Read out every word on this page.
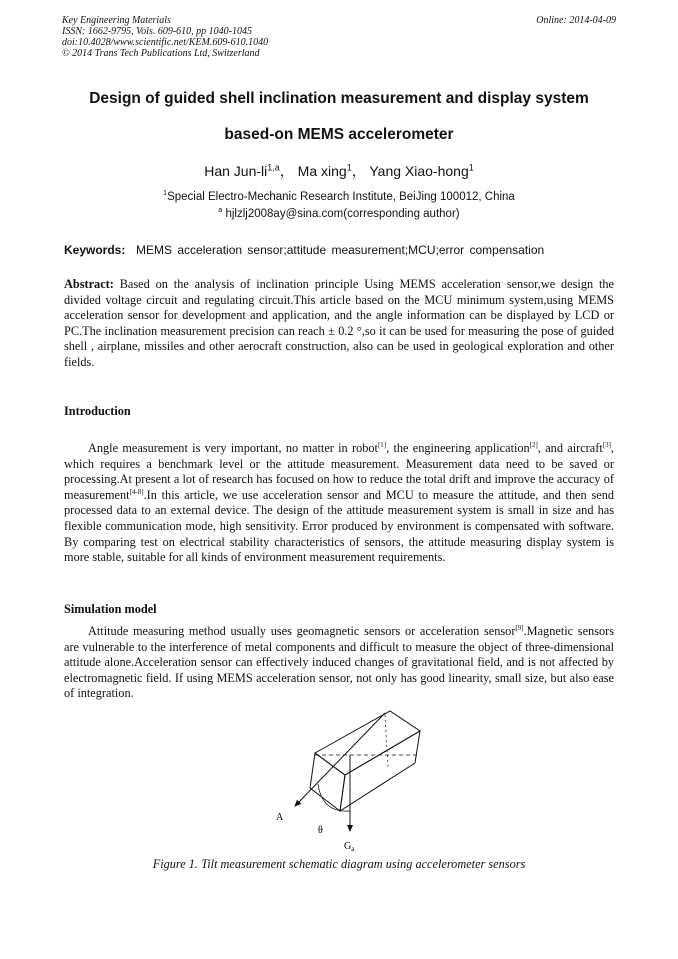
Key Engineering Materials
ISSN: 1662-9795, Vols. 609-610, pp 1040-1045
doi:10.4028/www.scientific.net/KEM.609-610.1040
© 2014 Trans Tech Publications Ltd, Switzerland
Online: 2014-04-09
Design of guided shell inclination measurement and display system
based-on MEMS accelerometer
Han Jun-li$^{1,a}$， Ma xing$^1$， Yang Xiao-hong$^1$
$^1$Special Electro-Mechanic Research Institute, BeiJing 100012, China
$^a$ hjlzlj2008ay@sina.com(corresponding author)
Keywords: MEMS acceleration sensor;attitude measurement;MCU;error compensation
Abstract: Based on the analysis of inclination principle Using MEMS acceleration sensor,we design the divided voltage circuit and regulating circuit.This article based on the MCU minimum system,using MEMS acceleration sensor for development and application, and the angle information can be displayed by LCD or PC.The inclination measurement precision can reach ± 0.2 °,so it can be used for measuring the pose of guided shell , airplane, missiles and other aerocraft construction, also can be used in geological exploration and other fields.
Introduction
Angle measurement is very important, no matter in robot[1], the engineering application[2], and aircraft[3], which requires a benchmark level or the attitude measurement. Measurement data need to be saved or processing.At present a lot of research has focused on how to reduce the total drift and improve the accuracy of measurement[4-8].In this article, we use acceleration sensor and MCU to measure the attitude, and then send processed data to an external device. The design of the attitude measurement system is small in size and has flexible communication mode, high sensitivity. Error produced by environment is compensated with software. By comparing test on electrical stability characteristics of sensors, the attitude measuring display system is more stable, suitable for all kinds of environment measurement requirements.
Simulation model
Attitude measuring method usually uses geomagnetic sensors or acceleration sensor[9].Magnetic sensors are vulnerable to the interference of metal components and difficult to measure the object of three-dimensional attitude alone.Acceleration sensor can effectively induced changes of gravitational field, and is not affected by electromagnetic field. If using MEMS acceleration sensor, not only has good linearity, small size, but also ease of integration.
A
θ
$G_a$
Figure 1. Tilt measurement schematic diagram using accelerometer sensors
